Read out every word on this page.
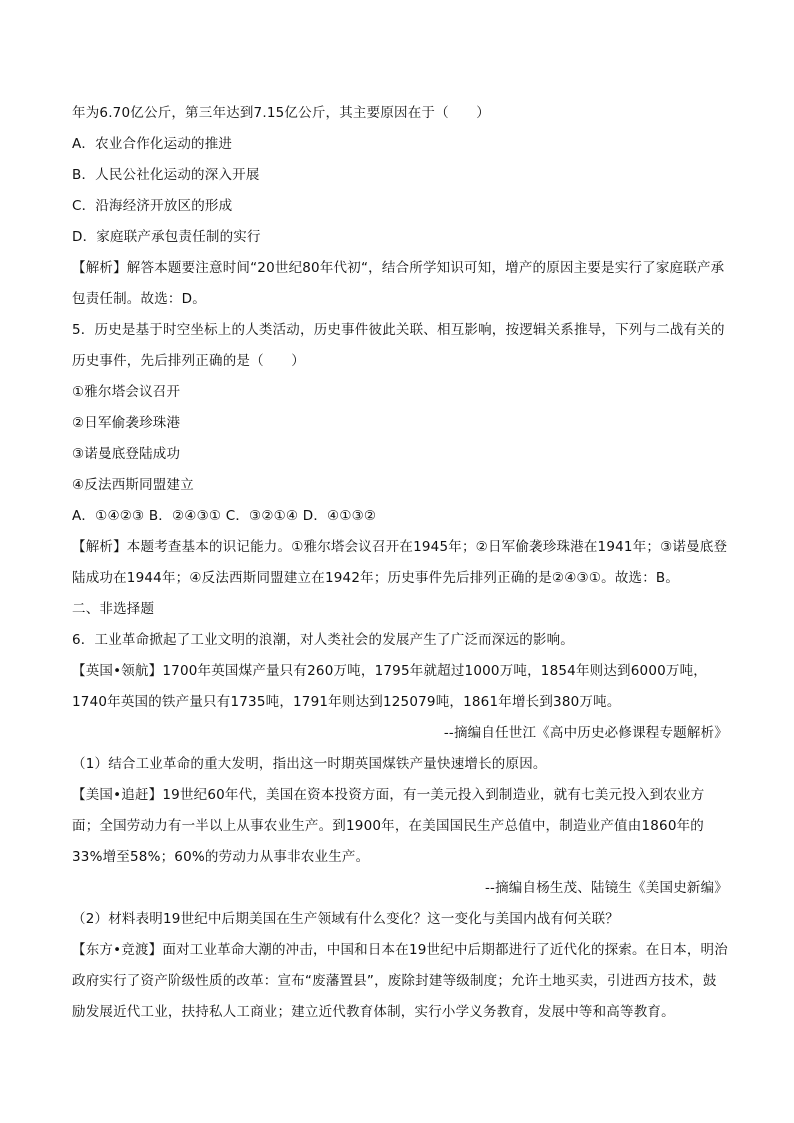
年为6.70亿公斤，第三年达到7.15亿公斤，其主要原因在于（　　）
A．农业合作化运动的推进
B．人民公社化运动的深入开展
C．沿海经济开放区的形成
D．家庭联产承包责任制的实行
【解析】解答本题要注意时间“20世纪80年代初“，结合所学知识可知，增产的原因主要是实行了家庭联产承包责任制。故选：D。
5．历史是基于时空坐标上的人类活动，历史事件彼此关联、相互影响，按逻辑关系推导，下列与二战有关的历史事件，先后排列正确的是（　　）
①雅尔塔会议召开
②日军偷袭珍珠港
③诺曼底登陆成功
④反法西斯同盟建立
A．①④②③ B．②④③① C．③②①④ D．④①③②
【解析】本题考查基本的识记能力。①雅尔塔会议召开在1945年；②日军偷袭珍珠港在1941年；③诺曼底登陆成功在1944年；④反法西斯同盟建立在1942年；历史事件先后排列正确的是②④③①。故选：B。
二、非选择题
6．工业革命掀起了工业文明的浪潮，对人类社会的发展产生了广泛而深远的影响。
【英国•领航】1700年英国煤产量只有260万吨，1795年就超过1000万吨，1854年则达到6000万吨，1740年英国的铁产量只有1735吨，1791年则达到125079吨，1861年增长到380万吨。
--摘编自任世江《高中历史必修课程专题解析》
（1）结合工业革命的重大发明，指出这一时期英国煤铁产量快速增长的原因。
【美国•追赶】19世纪60年代，美国在资本投资方面，有一美元投入到制造业，就有七美元投入到农业方面；全国劳动力有一半以上从事农业生产。到1900年，在美国国民生产总值中，制造业产值由1860年的33%增至58%；60%的劳动力从事非农业生产。
--摘编自杨生茂、陆镜生《美国史新编》
（2）材料表明19世纪中后期美国在生产领域有什么变化？这一变化与美国内战有何关联？
【东方•竞渡】面对工业革命大潮的冲击，中国和日本在19世纪中后期都进行了近代化的探索。在日本，明治政府实行了资产阶级性质的改革：宣布“废藩置县”，废除封建等级制度；允许土地买卖，引进西方技术，鼓励发展近代工业，扶持私人工商业；建立近代教育体制，实行小学义务教育，发展中等和高等教育。
